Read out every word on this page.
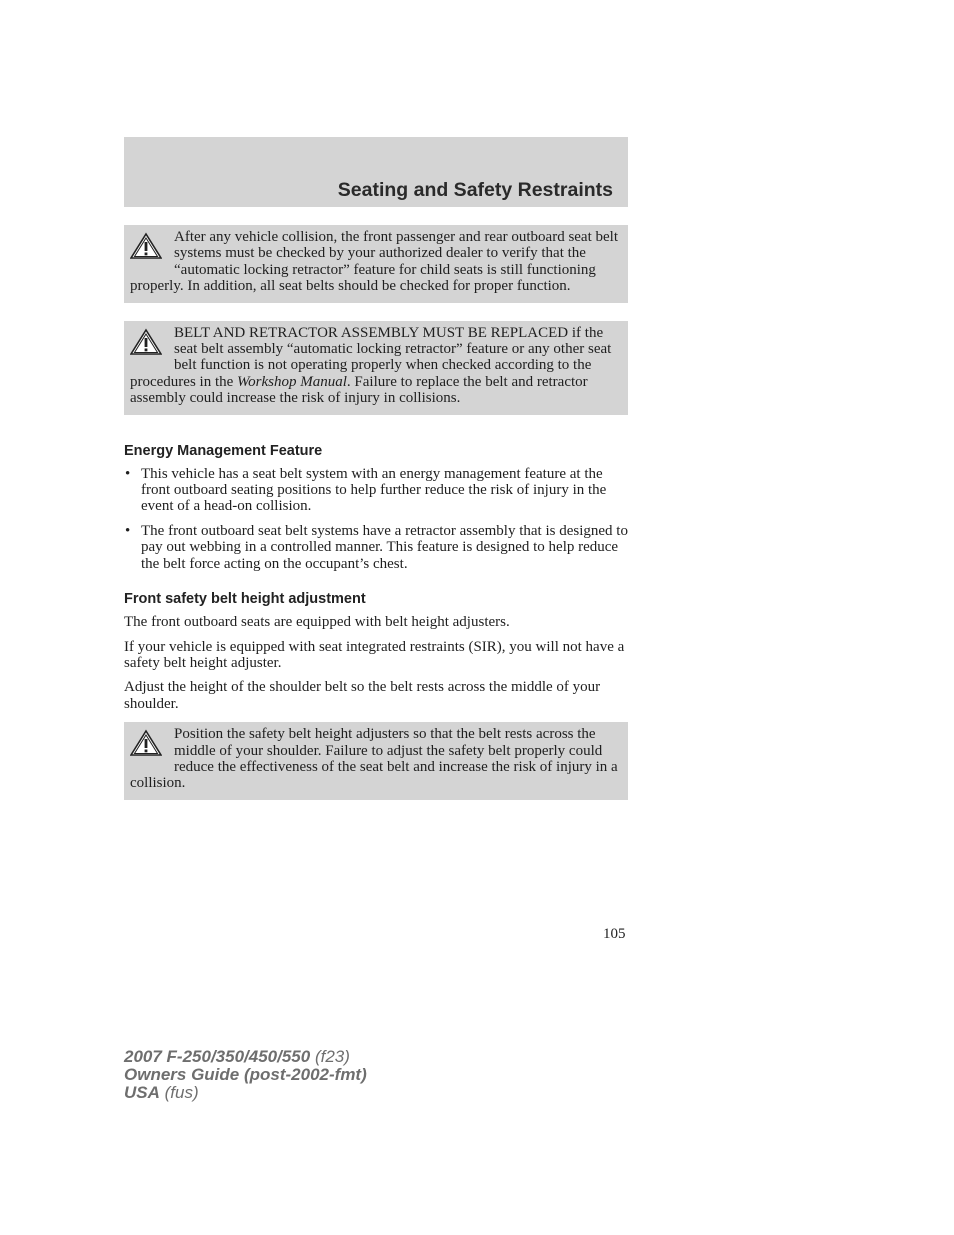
Seating and Safety Restraints
After any vehicle collision, the front passenger and rear outboard seat belt systems must be checked by your authorized dealer to verify that the “automatic locking retractor” feature for child seats is still functioning properly. In addition, all seat belts should be checked for proper function.
BELT AND RETRACTOR ASSEMBLY MUST BE REPLACED if the seat belt assembly “automatic locking retractor” feature or any other seat belt function is not operating properly when checked according to the procedures in the Workshop Manual. Failure to replace the belt and retractor assembly could increase the risk of injury in collisions.
Energy Management Feature
• This vehicle has a seat belt system with an energy management feature at the front outboard seating positions to help further reduce the risk of injury in the event of a head-on collision.
• The front outboard seat belt systems have a retractor assembly that is designed to pay out webbing in a controlled manner. This feature is designed to help reduce the belt force acting on the occupant’s chest.
Front safety belt height adjustment

The front outboard seats are equipped with belt height adjusters.

If your vehicle is equipped with seat integrated restraints (SIR), you will not have a safety belt height adjuster.

Adjust the height of the shoulder belt so the belt rests across the middle of your shoulder.

Position the safety belt height adjusters so that the belt rests across the middle of your shoulder. Failure to adjust the safety belt properly could reduce the effectiveness of the seat belt and increase the risk of injury in a collision.
105
2007 F-250/350/450/550 (f23)
Owners Guide (post-2002-fmt)
USA (fus)
